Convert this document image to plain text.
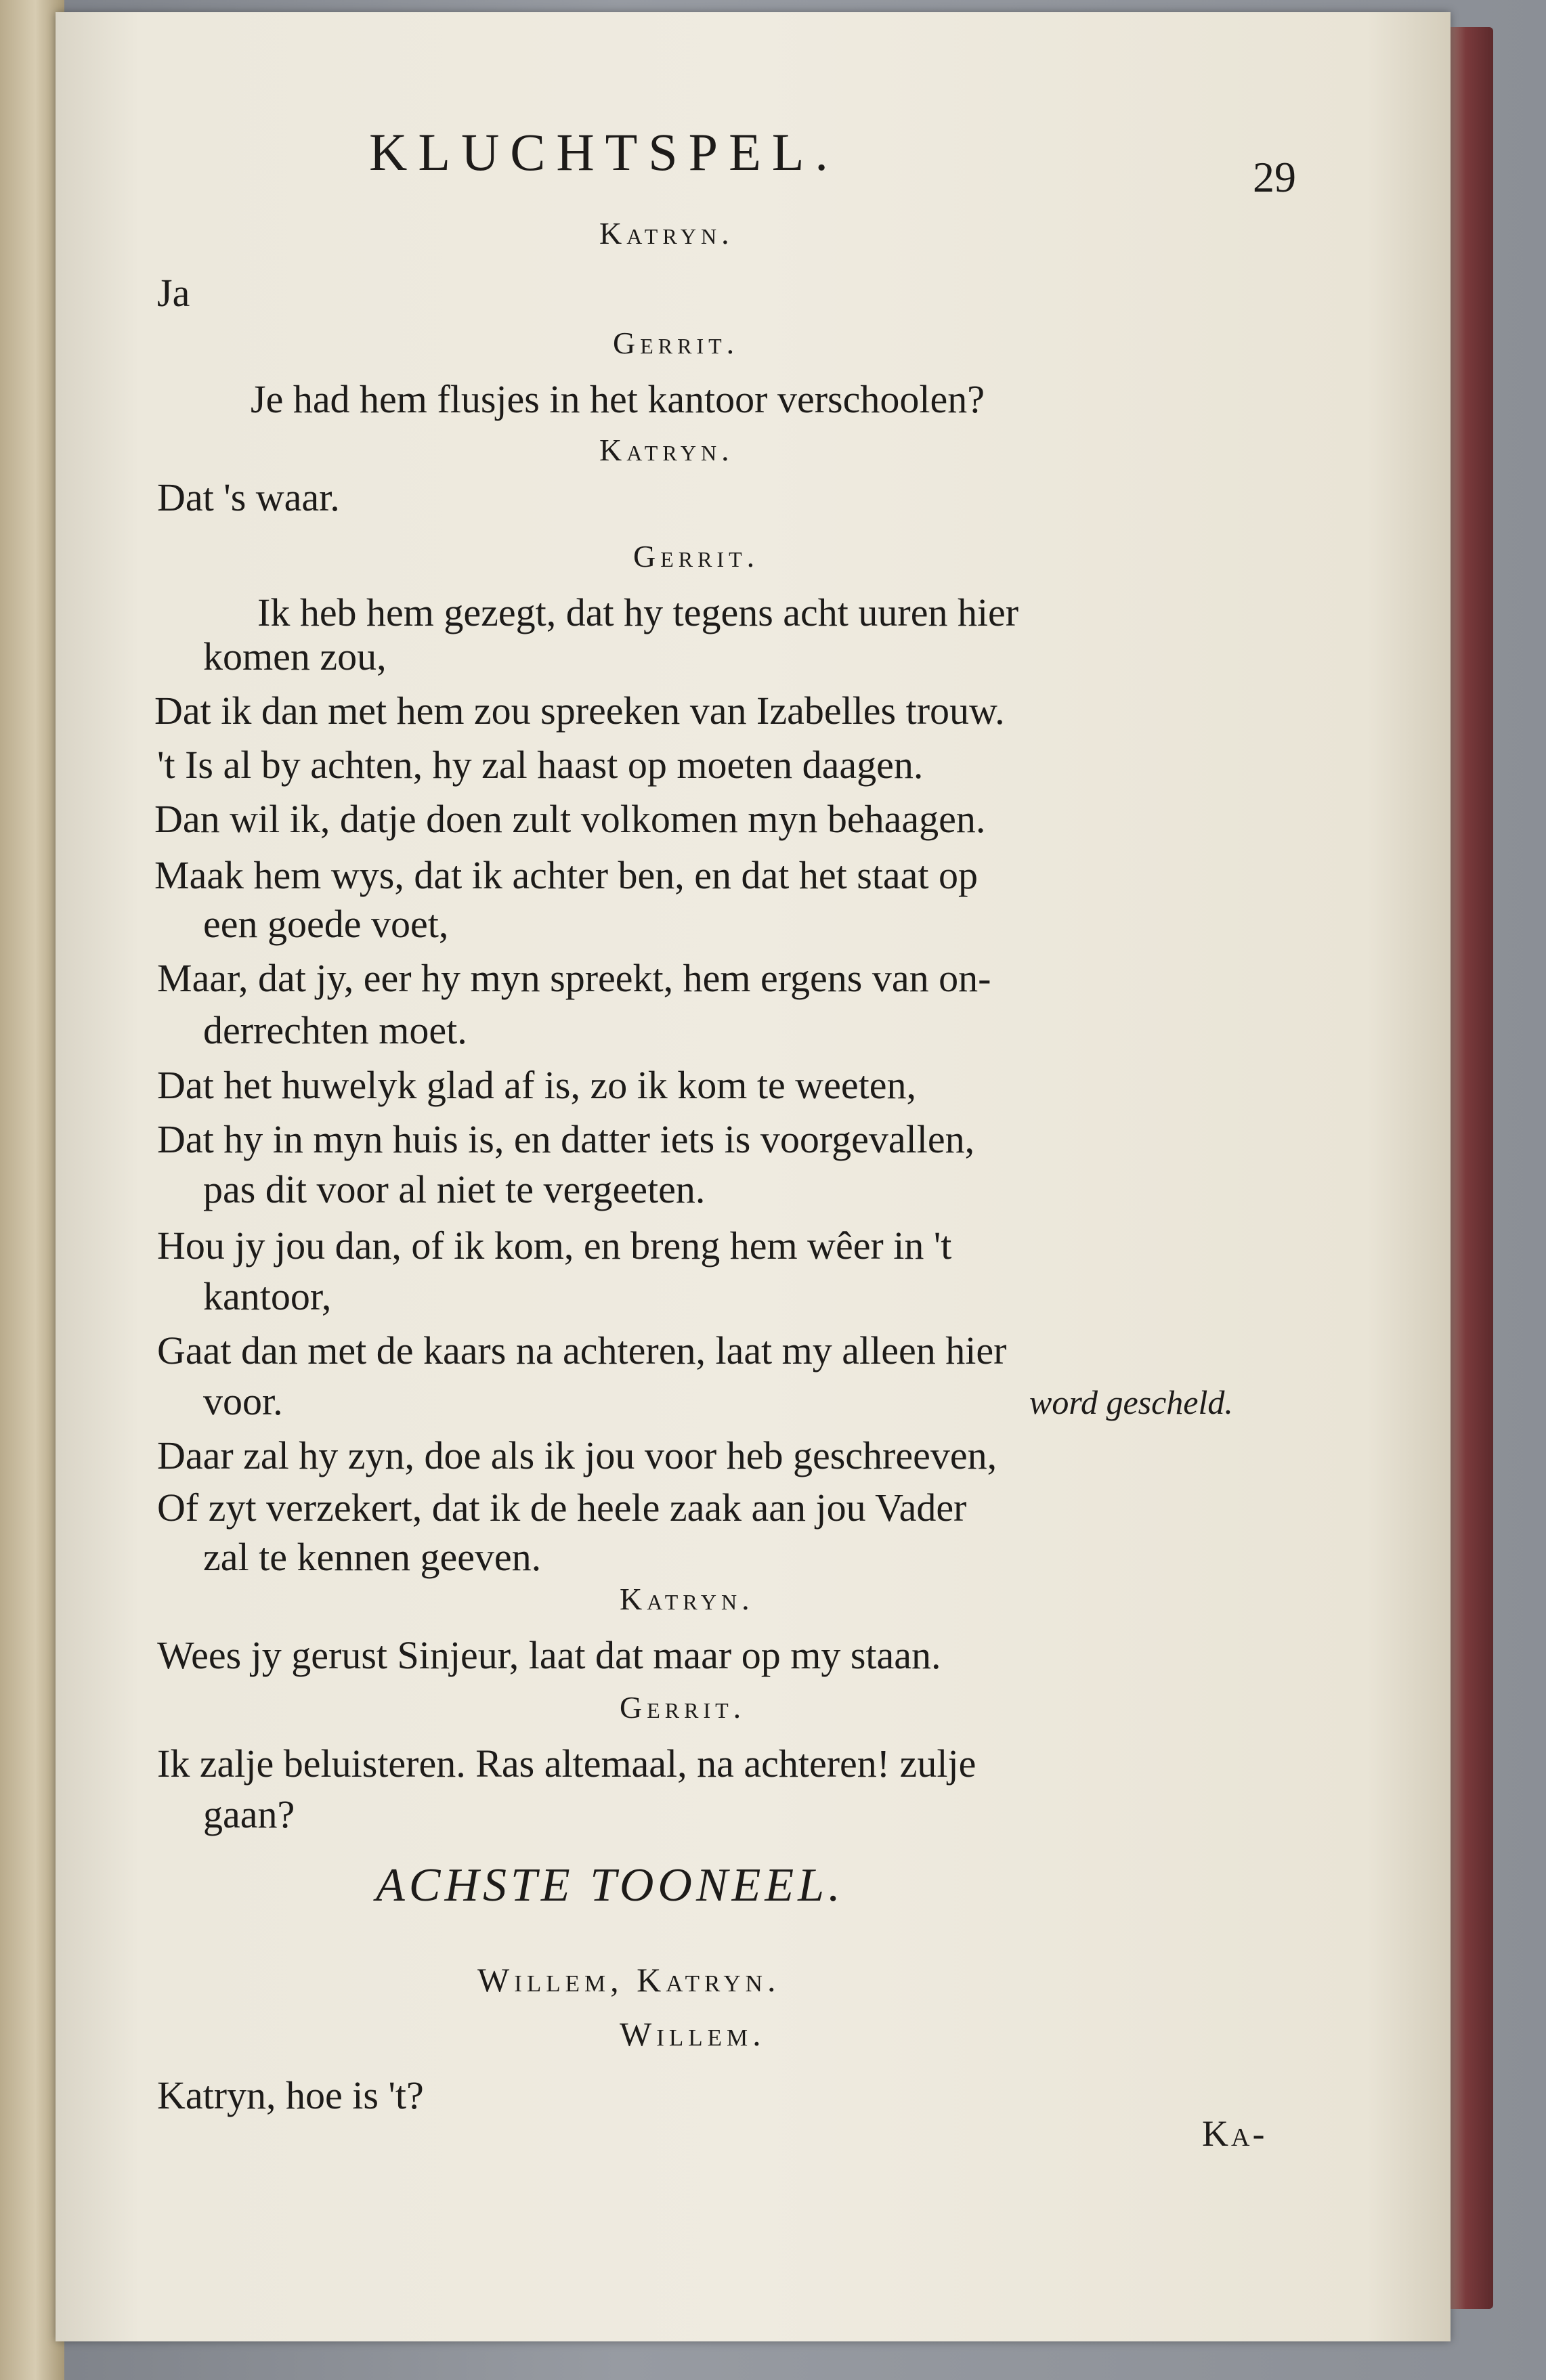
KLUCHTSPEL.	29
Katryn.
Ja
Gerrit.
Je had hem flusjes in het kantoor verschoolen?
Katryn.
Dat 's waar.
Gerrit.
Ik heb hem gezegt, dat hy tegens acht uuren hier
komen zou,
Dat ik dan met hem zou spreeken van Izabelles trouw.
't Is al by achten, hy zal haast op moeten daagen.
Dan wil ik, datje doen zult volkomen myn behaagen.
Maak hem wys, dat ik achter ben, en dat het staat op
een goede voet,
Maar, dat jy, eer hy myn spreekt, hem ergens van on-
derrechten moet.
Dat het huwelyk glad af is, zo ik kom te weeten,
Dat hy in myn huis is, en datter iets is voorgevallen,
pas dit voor al niet te vergeeten.
Hou jy jou dan, of ik kom, en breng hem wêer in 't
kantoor,
Gaat dan met de kaars na achteren, laat my alleen hier
voor.	word gescheld.
Daar zal hy zyn, doe als ik jou voor heb geschreeven,
Of zyt verzekert, dat ik de heele zaak aan jou Vader
zal te kennen geeven.
Katryn.
Wees jy gerust Sinjeur, laat dat maar op my staan.
Gerrit.
Ik zalje beluisteren. Ras altemaal, na achteren! zulje
gaan?
ACHSTE TOONEEL.
Willem, Katryn.
Willem.
Katryn, hoe is 't?
Ka-
